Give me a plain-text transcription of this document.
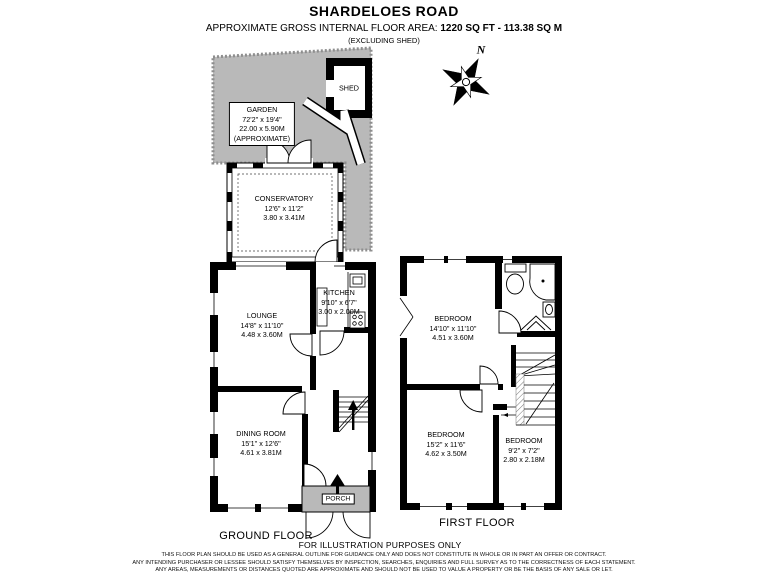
SHARDELOES ROAD
APPROXIMATE GROSS INTERNAL FLOOR AREA: 1220 SQ FT - 113.38 SQ M
(EXCLUDING SHED)
N
GARDEN
72'2" x 19'4"
22.00 x 5.90M
(APPROXIMATE)
SHED
CONSERVATORY
12'6" x 11'2"
3.80 x 3.41M
LOUNGE
14'8" x 11'10"
4.48 x 3.60M
KITCHEN
9'10" x 6'7"
3.00 x 2.00M
DINING ROOM
15'1" x 12'6"
4.61 x 3.81M
PORCH
BEDROOM
14'10" x 11'10"
4.51 x 3.60M
BEDROOM
15'2" x 11'6"
4.62 x 3.50M
BEDROOM
9'2" x 7'2"
2.80 x 2.18M
GROUND FLOOR
FIRST FLOOR
FOR ILLUSTRATION PURPOSES ONLY
THIS FLOOR PLAN SHOULD BE USED AS A GENERAL OUTLINE FOR GUIDANCE ONLY AND DOES NOT CONSTITUTE IN WHOLE OR IN PART AN OFFER OR CONTRACT.
ANY INTENDING PURCHASER OR LESSEE SHOULD SATISFY THEMSELVES BY INSPECTION, SEARCHES, ENQUIRIES AND FULL SURVEY AS TO THE CORRECTNESS OF EACH STATEMENT.
ANY AREAS, MEASUREMENTS OR DISTANCES QUOTED ARE APPROXIMATE AND SHOULD NOT BE USED TO VALUE A PROPERTY OR BE THE BASIS OF ANY SALE OR LET.
